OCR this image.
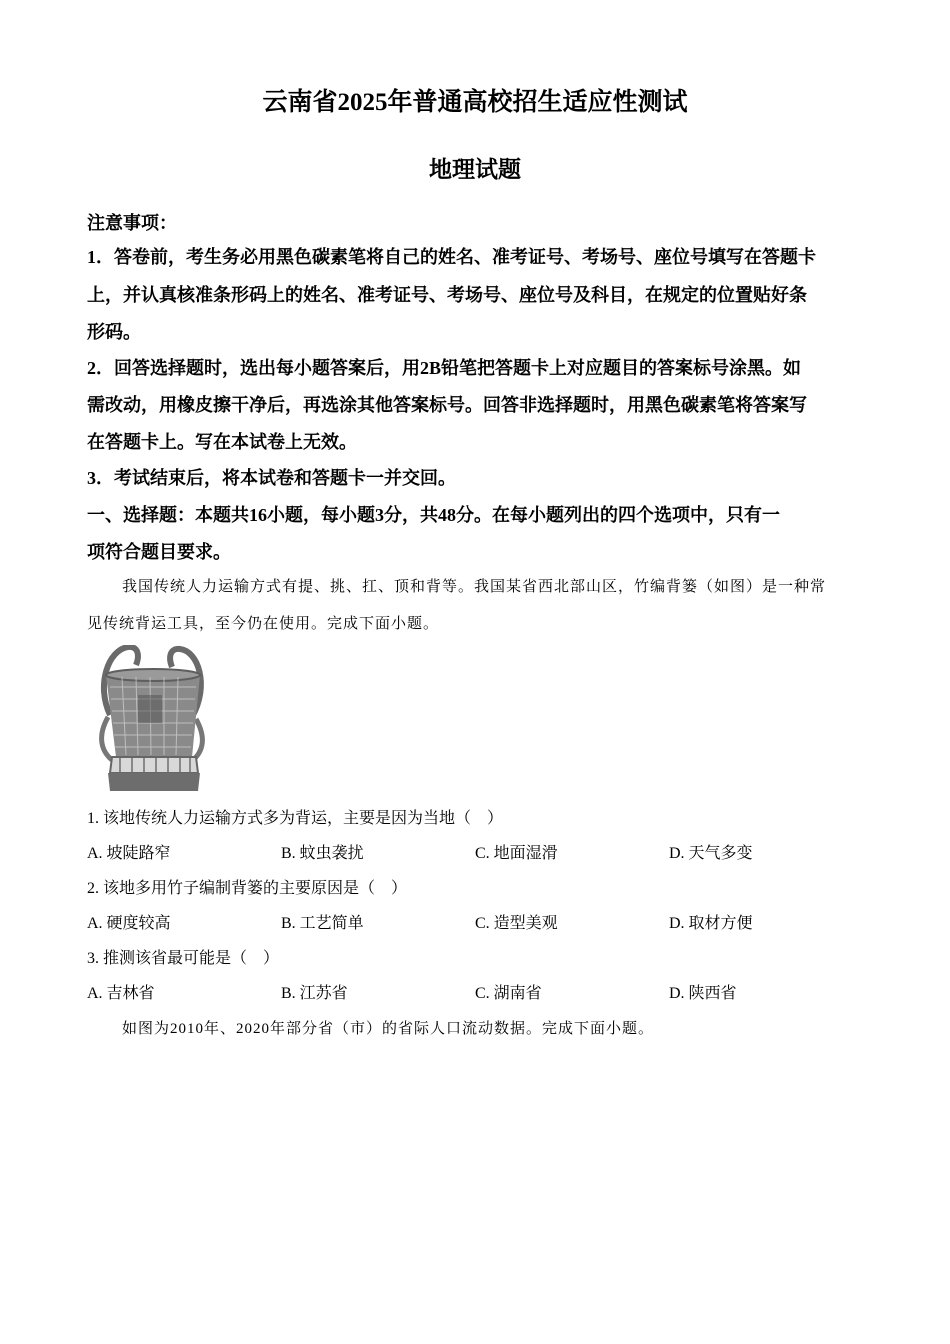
云南省2025年普通高校招生适应性测试
地理试题
注意事项：
1．答卷前，考生务必用黑色碳素笔将自己的姓名、准考证号、考场号、座位号填写在答题卡
上，并认真核准条形码上的姓名、准考证号、考场号、座位号及科目，在规定的位置贴好条
形码。
2．回答选择题时，选出每小题答案后，用2B铅笔把答题卡上对应题目的答案标号涂黑。如
需改动，用橡皮擦干净后，再选涂其他答案标号。回答非选择题时，用黑色碳素笔将答案写
在答题卡上。写在本试卷上无效。
3．考试结束后，将本试卷和答题卡一并交回。
一、选择题：本题共16小题，每小题3分，共48分。在每小题列出的四个选项中，只有一
项符合题目要求。
我国传统人力运输方式有提、挑、扛、顶和背等。我国某省西北部山区，竹编背篓（如图）是一种常
见传统背运工具，至今仍在使用。完成下面小题。
1. 该地传统人力运输方式多为背运，主要是因为当地（　）
A. 坡陡路窄	B. 蚊虫袭扰	C. 地面湿滑	D. 天气多变
2. 该地多用竹子编制背篓的主要原因是（　）
A. 硬度较高	B. 工艺简单	C. 造型美观	D. 取材方便
3. 推测该省最可能是（　）
A. 吉林省	B. 江苏省	C. 湖南省	D. 陕西省
如图为2010年、2020年部分省（市）的省际人口流动数据。完成下面小题。
